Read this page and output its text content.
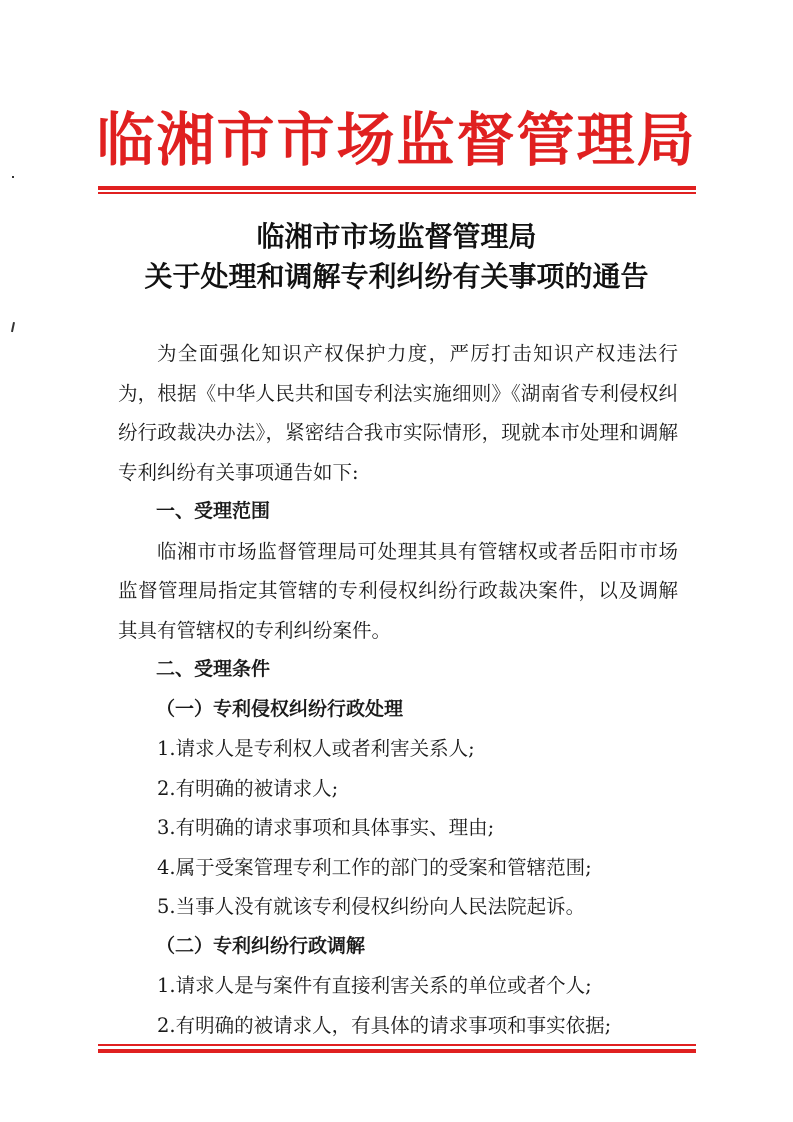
临湘市市场监督管理局
临湘市市场监督管理局
关于处理和调解专利纠纷有关事项的通告

为全面强化知识产权保护力度，严厉打击知识产权违法行为，根据《中华人民共和国专利法实施细则》《湖南省专利侵权纠纷行政裁决办法》，紧密结合我市实际情形，现就本市处理和调解专利纠纷有关事项通告如下:

一、受理范围

临湘市市场监督管理局可处理其具有管辖权或者岳阳市市场监督管理局指定其管辖的专利侵权纠纷行政裁决案件，以及调解其具有管辖权的专利纠纷案件。

二、受理条件

（一）专利侵权纠纷行政处理

1.请求人是专利权人或者利害关系人;

2.有明确的被请求人;

3.有明确的请求事项和具体事实、理由;

4.属于受案管理专利工作的部门的受案和管辖范围;

5.当事人没有就该专利侵权纠纷向人民法院起诉。

（二）专利纠纷行政调解

1.请求人是与案件有直接利害关系的单位或者个人;

2.有明确的被请求人，有具体的请求事项和事实依据;
